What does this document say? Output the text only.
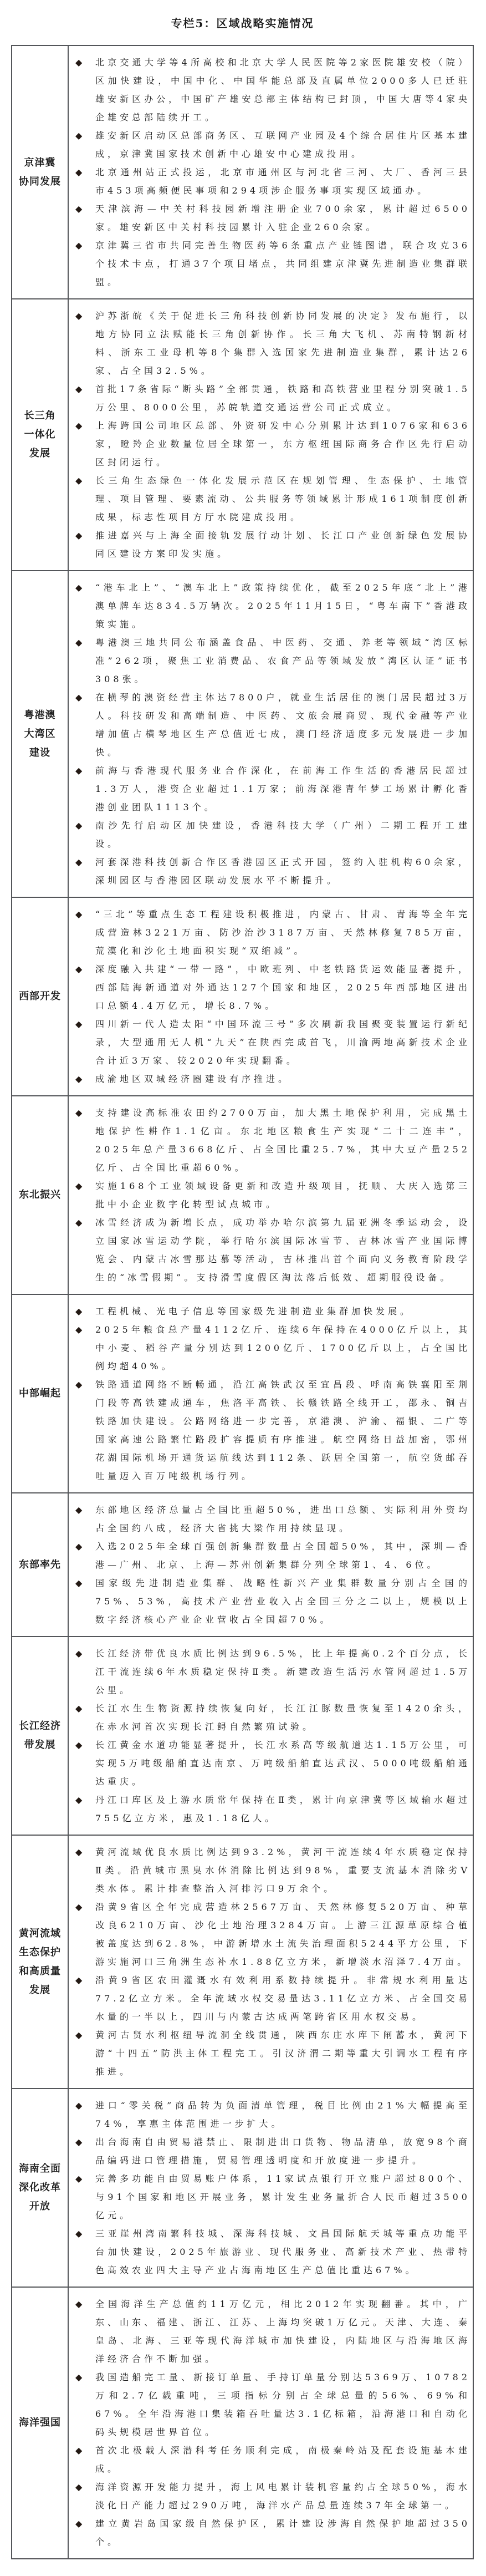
专栏5：区域战略实施情况
京津冀
协同发展

◆	北京交通大学等4所高校和北京大学人民医院等2家医院雄安校（院）区加快建设，中国中化、中国华能总部及直属单位2000多人已迁驻雄安新区办公，中国矿产雄安总部主体结构已封顶，中国大唐等4家央企雄安总部陆续开工。
◆	雄安新区启动区总部商务区、互联网产业园及4个综合居住片区基本建成，京津冀国家技术创新中心雄安中心建成投用。
◆	北京通州站正式投运，北京市通州区与河北省三河、大厂、香河三县市453项高频便民事项和294项涉企服务事项实现区域通办。
◆	天津滨海—中关村科技园新增注册企业700余家，累计超过6500家。雄安新区中关村科技园累计入驻企业260余家。
◆	京津冀三省市共同完善生物医药等6条重点产业链图谱，联合攻克36个技术卡点，打通37个项目堵点，共同组建京津冀先进制造业集群联盟。

长三角
一体化
发展

◆	沪苏浙皖《关于促进长三角科技创新协同发展的决定》发布施行，以地方协同立法赋能长三角创新协作。长三角大飞机、苏南特钢新材料、浙东工业母机等8个集群入选国家先进制造业集群，累计达26家、占全国32.5%。
◆	首批17条省际“断头路”全部贯通，铁路和高铁营业里程分别突破1.5万公里、8000公里，苏皖轨道交通运营公司正式成立。
◆	上海跨国公司地区总部、外资研发中心分别累计达到1076家和636家，瞪羚企业数量位居全球第一，东方枢纽国际商务合作区先行启动区封闭运行。
◆	长三角生态绿色一体化发展示范区在规划管理、生态保护、土地管理、项目管理、要素流动、公共服务等领域累计形成161项制度创新成果，标志性项目方厅水院建成投用。
◆	推进嘉兴与上海全面接轨发展行动计划、长江口产业创新绿色发展协同区建设方案印发实施。

粤港澳
大湾区
建设

◆	“港车北上”、“澳车北上”政策持续优化，截至2025年底“北上”港澳单牌车达834.5万辆次。2025年11月15日，“粤车南下”香港政策实施。
◆	粤港澳三地共同公布涵盖食品、中医药、交通、养老等领域“湾区标准”262项，聚焦工业消费品、农食产品等领域发放“湾区认证”证书308张。
◆	在横琴的澳资经营主体达7800户，就业生活居住的澳门居民超过3万人。科技研发和高端制造、中医药、文旅会展商贸、现代金融等产业增加值占横琴地区生产总值近七成，澳门经济适度多元发展进一步加快。
◆	前海与香港现代服务业合作深化，在前海工作生活的香港居民超过1.3万人，港资企业超过1.1万家；前海深港青年梦工场累计孵化香港创业团队1113个。
◆	南沙先行启动区加快建设，香港科技大学（广州）二期工程开工建设。
◆	河套深港科技创新合作区香港园区正式开园，签约入驻机构60余家，深圳园区与香港园区联动发展水平不断提升。

西部开发

◆	“三北”等重点生态工程建设积极推进，内蒙古、甘肃、青海等全年完成营造林3221万亩、防沙治沙3187万亩、天然林修复785万亩，荒漠化和沙化土地面积实现“双缩减”。
◆	深度融入共建“一带一路”，中欧班列、中老铁路货运效能显著提升，西部陆海新通道对外通达127个国家和地区，2025年西部地区进出口总额4.4万亿元，增长8.7%。
◆	四川新一代人造太阳“中国环流三号”多次刷新我国聚变装置运行新纪录，大型通用无人机“九天”在陕西完成首飞，川渝两地高新技术企业合计近3万家、较2020年实现翻番。
◆	成渝地区双城经济圈建设有序推进。

东北振兴

◆	支持建设高标准农田约2700万亩，加大黑土地保护利用，完成黑土地保护性耕作1.1亿亩。东北地区粮食生产实现“二十二连丰”，2025年总产量3668亿斤、占全国比重25.7%，其中大豆产量252亿斤、占全国比重超60%。
◆	实施168个工业领域设备更新和改造升级项目，抚顺、大庆入选第三批中小企业数字化转型试点城市。
◆	冰雪经济成为新增长点，成功举办哈尔滨第九届亚洲冬季运动会，设立国家冰雪运动学院，举行哈尔滨国际冰雪节、吉林冰雪产业国际博览会、内蒙古冰雪那达慕等活动，吉林推出首个面向义务教育阶段学生的“冰雪假期”。支持滑雪度假区淘汰落后低效、超期服役设备。

中部崛起

◆	工程机械、光电子信息等国家级先进制造业集群加快发展。
◆	2025年粮食总产量4112亿斤、连续6年保持在4000亿斤以上，其中小麦、稻谷产量分别达到1200亿斤、1700亿斤以上，占全国比例均超40%。
◆	铁路通道网络不断畅通，沿江高铁武汉至宜昌段、呼南高铁襄阳至荆门段等高铁建成通车，焦洛平高铁、长赣铁路全线开工，邵永、铜吉铁路加快建设。公路网络进一步完善，京港澳、沪渝、福银、二广等国家高速公路繁忙路段扩容提质有序推进。航空网络日益加密，鄂州花湖国际机场开通货运航线达到112条、跃居全国第一，航空货邮吞吐量迈入百万吨级机场行列。

东部率先

◆	东部地区经济总量占全国比重超50%，进出口总额、实际利用外资均占全国约八成，经济大省挑大梁作用持续显现。
◆	入选2025年全球百强创新集群数量占全国超50%，其中，深圳—香港—广州、北京、上海—苏州创新集群分列全球第1、4、6位。
◆	国家级先进制造业集群、战略性新兴产业集群数量分别占全国的75%、53%，高技术产业营业收入占全国三分之二以上，规模以上数字经济核心产业企业营收占全国超70%。

长江经济
带发展

◆	长江经济带优良水质比例达到96.5%，比上年提高0.2个百分点，长江干流连续6年水质稳定保持Ⅱ类。新建改造生活污水管网超过1.5万公里。
◆	长江水生生物资源持续恢复向好，长江江豚数量恢复至1420余头，在赤水河首次实现长江鲟自然繁殖试验。
◆	长江黄金水道功能显著提升，长江水系高等级航道达1.15万公里，可实现5万吨级船舶直达南京、万吨级船舶直达武汉、5000吨级船舶通达重庆。
◆	丹江口库区及上游水质常年保持在Ⅱ类，累计向京津冀等区域输水超过755亿立方米，惠及1.18亿人。

黄河流域
生态保护
和高质量
发展

◆	黄河流域优良水质比例达到93.2%，黄河干流连续4年水质稳定保持Ⅱ类。沿黄城市黑臭水体消除比例达到98%，重要支流基本消除劣Ⅴ类水体。累计排查整治入河排污口9万余个。
◆	沿黄9省区全年完成营造林2567万亩、天然林修复520万亩、种草改良6210万亩、沙化土地治理3284万亩。上游三江源草原综合植被盖度达到62.8%，中游新增水土流失治理面积5244平方公里，下游实施河口三角洲生态补水1.88亿立方米，新增淡水沼泽7.4万亩。
◆	沿黄9省区农田灌溉水有效利用系数持续提升。非常规水利用量达77.2亿立方米。全年流域水权交易量达3.11亿立方米、占全国交易水量的一半以上，四川与内蒙古达成两笔跨省区用水权交易。
◆	黄河古贤水利枢纽导流洞全线贯通，陕西东庄水库下闸蓄水，黄河下游“十四五”防洪主体工程完工。引汉济渭二期等重大引调水工程有序推进。

海南全面
深化改革
开放

◆	进口“零关税”商品转为负面清单管理，税目比例由21%大幅提高至74%，享惠主体范围进一步扩大。
◆	出台海南自由贸易港禁止、限制进出口货物、物品清单，放宽98个商品编码进口管理措施，贸易管理透明度和开放度进一步提升。
◆	完善多功能自由贸易账户体系，11家试点银行开立账户超过800个、与91个国家和地区开展业务，累计发生业务量折合人民币超过3500亿元。
◆	三亚崖州湾南繁科技城、深海科技城、文昌国际航天城等重点功能平台加快建设，2025年旅游业、现代服务业、高新技术产业、热带特色高效农业四大主导产业占海南地区生产总值比重达67%。

海洋强国

◆	全国海洋生产总值约11万亿元，相比2012年实现翻番。其中，广东、山东、福建、浙江、江苏、上海均突破1万亿元。天津、大连、秦皇岛、北海、三亚等现代海洋城市加快建设，内陆地区与沿海地区海洋经济合作不断加强。
◆	我国造船完工量、新接订单量、手持订单量分别达5369万、10782万和2.7亿载重吨，三项指标分别占全球总量的56%、69%和67%。全年沿海港口集装箱吞吐量达3.1亿标箱，沿海港口和自动化码头规模居世界首位。
◆	首次北极载人深潜科考任务顺利完成，南极秦岭站及配套设施基本建成。
◆	海洋资源开发能力提升，海上风电累计装机容量约占全球50%，海水淡化日产能力超过290万吨，海洋水产品总量连续37年全球第一。
◆	建立黄岩岛国家级自然保护区，累计建设涉海自然保护地超过350个。
